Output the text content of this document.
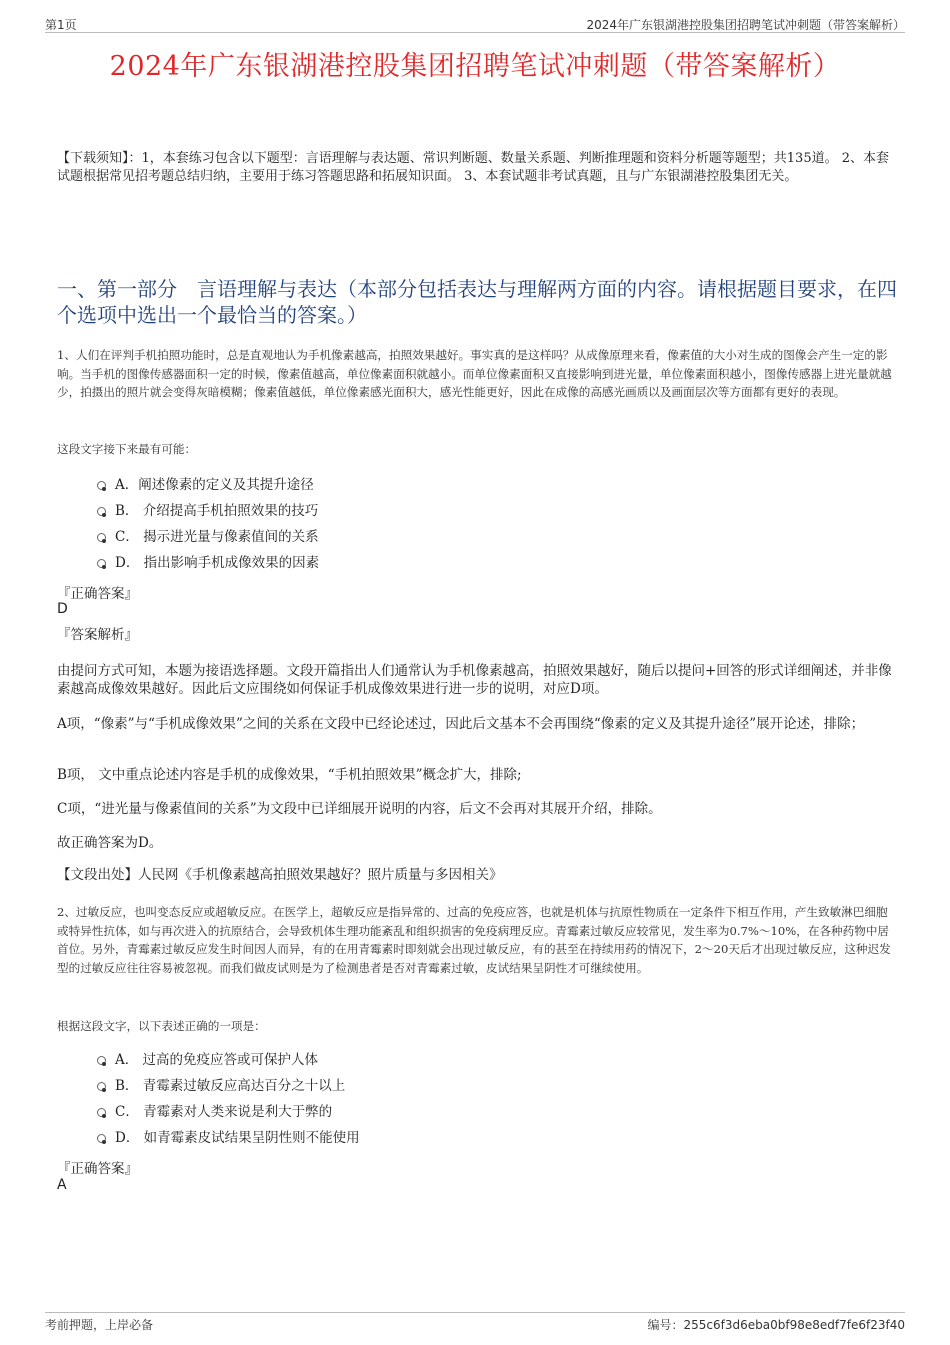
第1页	2024年广东银湖港控股集团招聘笔试冲刺题（带答案解析）
2024年广东银湖港控股集团招聘笔试冲刺题（带答案解析）
【下载须知】：1，本套练习包含以下题型：言语理解与表达题、常识判断题、数量关系题、判断推理题和资料分析题等题型；共135道。 2、本套试题根据常见招考题总结归纳，主要用于练习答题思路和拓展知识面。 3、本套试题非考试真题，且与广东银湖港控股集团无关。
一、第一部分　言语理解与表达（本部分包括表达与理解两方面的内容。请根据题目要求，在四个选项中选出一个最恰当的答案。）
1、人们在评判手机拍照功能时，总是直观地认为手机像素越高，拍照效果越好。事实真的是这样吗？从成像原理来看，像素值的大小对生成的图像会产生一定的影响。当手机的图像传感器面积一定的时候，像素值越高，单位像素面积就越小。而单位像素面积又直接影响到进光量，单位像素面积越小，图像传感器上进光量就越少，拍摄出的照片就会变得灰暗模糊；像素值越低，单位像素感光面积大，感光性能更好，因此在成像的高感光画质以及画面层次等方面都有更好的表现。
这段文字接下来最有可能：
A．阐述像素的定义及其提升途径
B． 介绍提高手机拍照效果的技巧
C． 揭示进光量与像素值间的关系
D． 指出影响手机成像效果的因素
『正确答案』
D
『答案解析』
由提问方式可知，本题为接语选择题。文段开篇指出人们通常认为手机像素越高，拍照效果越好，随后以提问+回答的形式详细阐述，并非像素越高成像效果越好。因此后文应围绕如何保证手机成像效果进行进一步的说明，对应D项。
A项，“像素”与“手机成像效果”之间的关系在文段中已经论述过，因此后文基本不会再围绕“像素的定义及其提升途径”展开论述，排除；
B项， 文中重点论述内容是手机的成像效果，“手机拍照效果”概念扩大，排除;
C项，“进光量与像素值间的关系”为文段中已详细展开说明的内容，后文不会再对其展开介绍，排除。
故正确答案为D。
【文段出处】人民网《手机像素越高拍照效果越好？照片质量与多因相关》
2、过敏反应，也叫变态反应或超敏反应。在医学上，超敏反应是指异常的、过高的免疫应答，也就是机体与抗原性物质在一定条件下相互作用，产生致敏淋巴细胞或特异性抗体，如与再次进入的抗原结合，会导致机体生理功能紊乱和组织损害的免疫病理反应。青霉素过敏反应较常见，发生率为0.7%～10%，在各种药物中居首位。另外，青霉素过敏反应发生时间因人而异，有的在用青霉素时即刻就会出现过敏反应，有的甚至在持续用药的情况下，2～20天后才出现过敏反应，这种迟发型的过敏反应往往容易被忽视。而我们做皮试则是为了检测患者是否对青霉素过敏，皮试结果呈阴性才可继续使用。
根据这段文字，以下表述正确的一项是：
A． 过高的免疫应答或可保护人体
B． 青霉素过敏反应高达百分之十以上
C． 青霉素对人类来说是利大于弊的
D． 如青霉素皮试结果呈阴性则不能使用
『正确答案』
A
考前押题，上岸必备	编号：255c6f3d6eba0bf98e8edf7fe6f23f40
